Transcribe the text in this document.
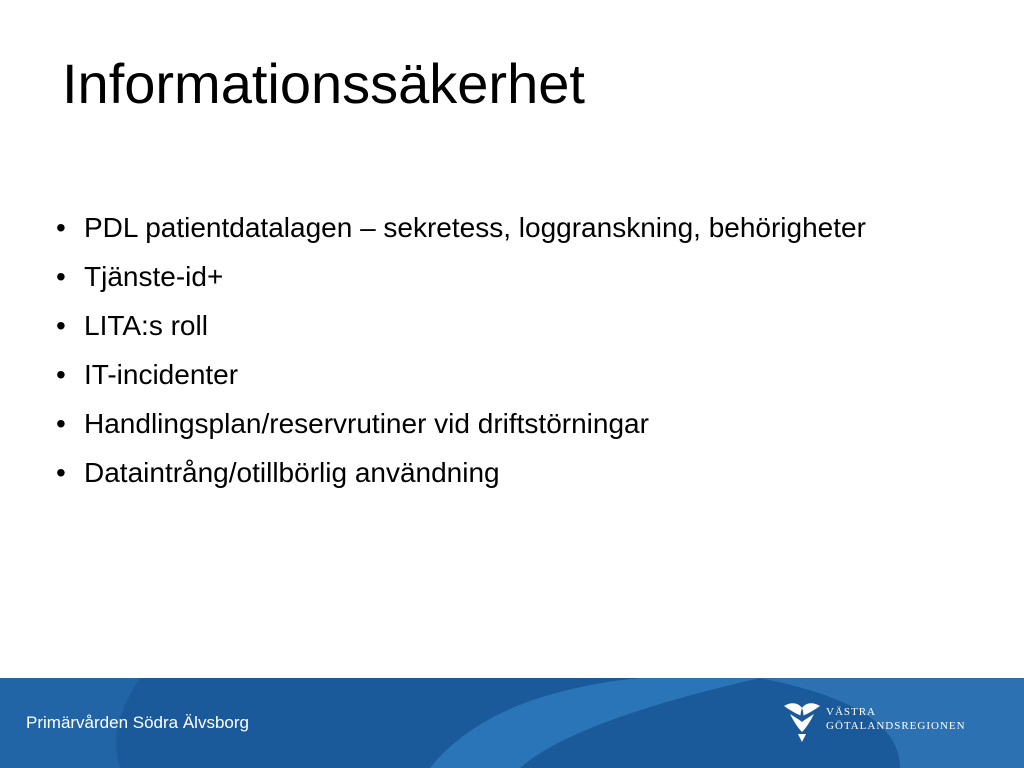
Informationssäkerhet
• PDL patientdatalagen – sekretess, loggranskning, behörigheter
• Tjänste-id+
• LITA:s roll
• IT-incidenter
• Handlingsplan/reservrutiner vid driftstörningar
• Dataintrång/otillbörlig användning
Primärvården Södra Älvsborg
VÄSTRA
GÖTALANDSREGIONEN
